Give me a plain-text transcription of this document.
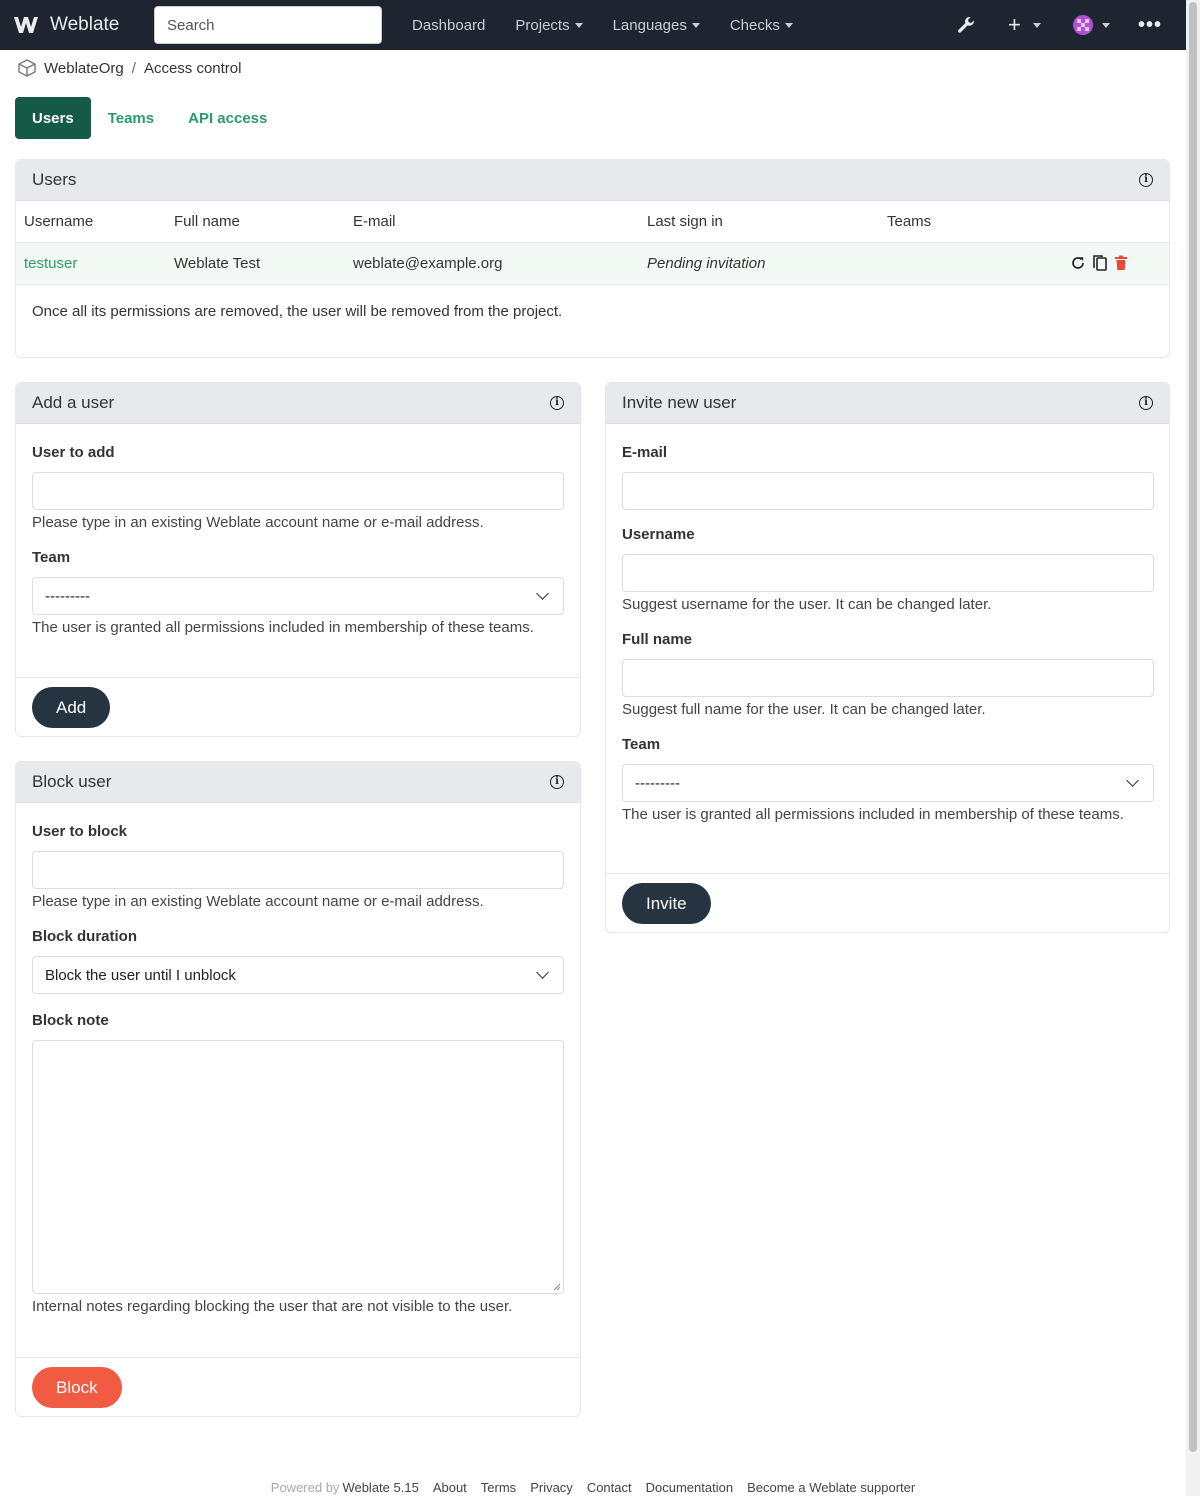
Weblate
Search	Dashboard Projects	Languages	Checks	+	•••
WeblateOrg / Access control
Users	Teams	API access
Users	i
Username	Full name	E-mail	Last sign in	Teams	
testuser	Weblate Test	weblate@example.org	Pending invitation		
Once all its permissions are removed, the user will be removed from the project.
Add a user	i
User to add
Please type in an existing Weblate account name or e-mail address.
Team
---------
The user is granted all permissions included in membership of these teams.
Add
Block user	i
User to block
Please type in an existing Weblate account name or e-mail address.
Block duration
Block the user until I unblock
Block note
Internal notes regarding blocking the user that are not visible to the user.
Block
Invite new user	i
E-mail
Username
Suggest username for the user. It can be changed later.
Full name
Suggest full name for the user. It can be changed later.
Team
---------
The user is granted all permissions included in membership of these teams.
Invite
Powered by Weblate 5.15 About Terms Privacy Contact Documentation Become a Weblate supporter
